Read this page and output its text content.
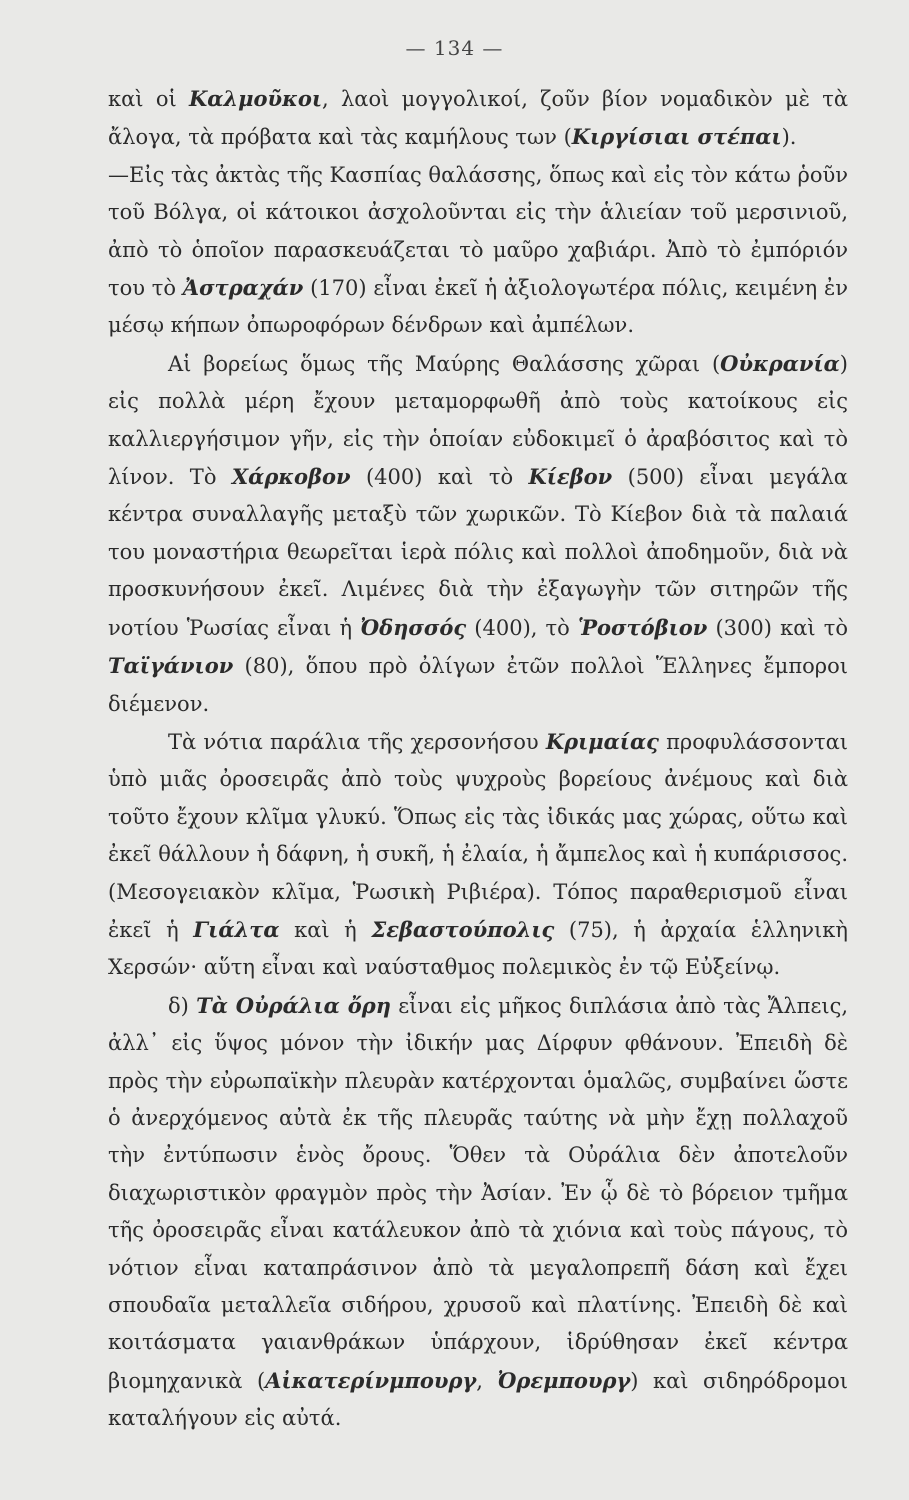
— 134 —

καὶ οἱ Καλμοῦκοι, λαοὶ μογγολικοί, ζοῦν βίον νομαδικὸν μὲ τὰ ἄλογα, τὰ πρόβατα καὶ τὰς καμήλους των (Κιργίσιαι στέπαι).

—Εἰς τὰς ἀκτὰς τῆς Κασπίας θαλάσσης, ὅπως καὶ εἰς τὸν κάτω ῥοῦν τοῦ Βόλγα, οἱ κάτοικοι ἀσχολοῦνται εἰς τὴν ἁλιείαν τοῦ μερσινιοῦ, ἀπὸ τὸ ὁποῖον παρασκευάζεται τὸ μαῦρο χαβιάρι. Ἀπὸ τὸ ἐμπόριόν του τὸ Ἀστραχάν (170) εἶναι ἐκεῖ ἡ ἀξιολογωτέρα πόλις, κειμένη ἐν μέσῳ κήπων ὀπωροφόρων δένδρων καὶ ἀμπέλων.

Αἱ βορείως ὅμως τῆς Μαύρης Θαλάσσης χῶραι (Οὐκρανία) εἰς πολλὰ μέρη ἔχουν μεταμορφωθῆ ἀπὸ τοὺς κατοίκους εἰς καλλιεργήσιμον γῆν, εἰς τὴν ὁποίαν εὐδοκιμεῖ ὁ ἀραβόσιτος καὶ τὸ λίνον. Τὸ Χάρκοβον (400) καὶ τὸ Κίεβον (500) εἶναι μεγάλα κέντρα συναλλαγῆς μεταξὺ τῶν χωρικῶν. Τὸ Κίεβον διὰ τὰ παλαιά του μοναστήρια θεωρεῖται ἱερὰ πόλις καὶ πολλοὶ ἀποδημοῦν, διὰ νὰ προσκυνήσουν ἐκεῖ. Λιμένες διὰ τὴν ἐξαγωγὴν τῶν σιτηρῶν τῆς νοτίου Ῥωσίας εἶναι ἡ Ὀδησσός (400), τὸ Ῥοστόβιον (300) καὶ τὸ Ταϊγάνιον (80), ὅπου πρὸ ὀλίγων ἐτῶν πολλοὶ Ἕλληνες ἔμποροι διέμενον.

Τὰ νότια παράλια τῆς χερσονήσου Κριμαίας προφυλάσσονται ὑπὸ μιᾶς ὀροσειρᾶς ἀπὸ τοὺς ψυχροὺς βορείους ἀνέμους καὶ διὰ τοῦτο ἔχουν κλῖμα γλυκύ. Ὅπως εἰς τὰς ἰδικάς μας χώρας, οὕτω καὶ ἐκεῖ θάλλουν ἡ δάφνη, ἡ συκῆ, ἡ ἐλαία, ἡ ἄμπελος καὶ ἡ κυπάρισσος. (Μεσογειακὸν κλῖμα, Ῥωσικὴ Ριβιέρα). Τόπος παραθερισμοῦ εἶναι ἐκεῖ ἡ Γιάλτα καὶ ἡ Σεβαστούπολις (75), ἡ ἀρχαία ἑλληνικὴ Χερσών· αὕτη εἶναι καὶ ναύσταθμος πολεμικὸς ἐν τῷ Εὐξείνῳ.

δ) Τὰ Οὐράλια ὄρη εἶναι εἰς μῆκος διπλάσια ἀπὸ τὰς Ἄλπεις, ἀλλ᾽ εἰς ὕψος μόνον τὴν ἰδικήν μας Δίρφυν φθάνουν. Ἐπειδὴ δὲ πρὸς τὴν εὐρωπαϊκὴν πλευρὰν κατέρχονται ὁμαλῶς, συμβαίνει ὥστε ὁ ἀνερχόμενος αὐτὰ ἐκ τῆς πλευρᾶς ταύτης νὰ μὴν ἔχῃ πολλαχοῦ τὴν ἐντύπωσιν ἑνὸς ὄρους. Ὅθεν τὰ Οὐράλια δὲν ἀποτελοῦν διαχωριστικὸν φραγμὸν πρὸς τὴν Ἀσίαν. Ἐν ᾧ δὲ τὸ βόρειον τμῆμα τῆς ὀροσειρᾶς εἶναι κατάλευκον ἀπὸ τὰ χιόνια καὶ τοὺς πάγους, τὸ νότιον εἶναι καταπράσινον ἀπὸ τὰ μεγαλοπρεπῆ δάση καὶ ἔχει σπουδαῖα μεταλλεῖα σιδήρου, χρυσοῦ καὶ πλατίνης. Ἐπειδὴ δὲ καὶ κοιτάσματα γαιανθράκων ὑπάρχουν, ἱδρύθησαν ἐκεῖ κέντρα βιομηχανικὰ (Αἰκατερίνμπουργ, Ὀρεμπουργ) καὶ σιδηρόδρομοι καταλήγουν εἰς αὐτά.
